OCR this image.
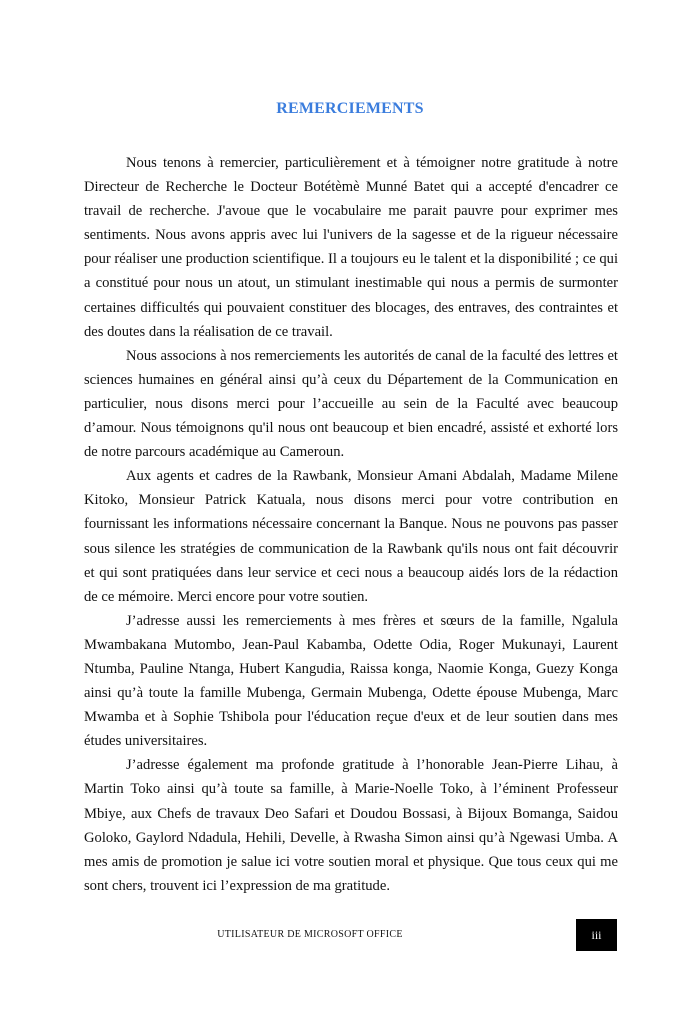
REMERCIEMENTS

Nous tenons à remercier, particulièrement et à témoigner notre gratitude à notre Directeur de Recherche le Docteur Botétèmè Munné Batet qui a accepté d'encadrer ce travail de recherche. J'avoue que le vocabulaire me parait pauvre pour exprimer mes sentiments. Nous avons appris avec lui l'univers de la sagesse et de la rigueur nécessaire pour réaliser une production scientifique. Il a toujours eu le talent et la disponibilité ; ce qui a constitué pour nous un atout, un stimulant inestimable qui nous a permis de surmonter certaines difficultés qui pouvaient constituer des blocages, des entraves, des contraintes et des doutes dans la réalisation de ce travail.

Nous associons à nos remerciements les autorités de canal de la faculté des lettres et sciences humaines en général ainsi qu’à ceux du Département de la Communication en particulier, nous disons merci pour l’accueille au sein de la Faculté avec beaucoup d’amour. Nous témoignons qu'il nous ont beaucoup et bien encadré, assisté et exhorté lors de notre parcours académique au Cameroun.

Aux agents et cadres de la Rawbank, Monsieur Amani Abdalah, Madame Milene Kitoko, Monsieur Patrick Katuala, nous disons merci pour votre contribution en fournissant les informations nécessaire concernant la Banque. Nous ne pouvons pas passer sous silence les stratégies de communication de la Rawbank qu'ils nous ont fait découvrir et qui sont pratiquées dans leur service et ceci nous a beaucoup aidés lors de la rédaction de ce mémoire. Merci encore pour votre soutien.

J’adresse aussi les remerciements à mes frères et sœurs de la famille, Ngalula Mwambakana Mutombo, Jean-Paul Kabamba, Odette Odia, Roger Mukunayi, Laurent Ntumba, Pauline Ntanga, Hubert Kangudia, Raissa konga, Naomie Konga, Guezy Konga ainsi qu’à toute la famille Mubenga, Germain Mubenga, Odette épouse Mubenga, Marc Mwamba et à Sophie Tshibola pour l'éducation reçue d'eux et de leur soutien dans mes études universitaires.

J’adresse également ma profonde gratitude à l’honorable Jean-Pierre Lihau, à Martin Toko ainsi qu’à toute sa famille, à Marie-Noelle Toko, à l’éminent Professeur Mbiye, aux Chefs de travaux Deo Safari et Doudou Bossasi, à Bijoux Bomanga, Saidou Goloko, Gaylord Ndadula, Hehili, Develle, à Rwasha Simon ainsi qu’à Ngewasi Umba. A mes amis de promotion je salue ici votre soutien moral et physique. Que tous ceux qui me sont chers, trouvent ici l’expression de ma gratitude.

UTILISATEUR DE MICROSOFT OFFICE	iii
